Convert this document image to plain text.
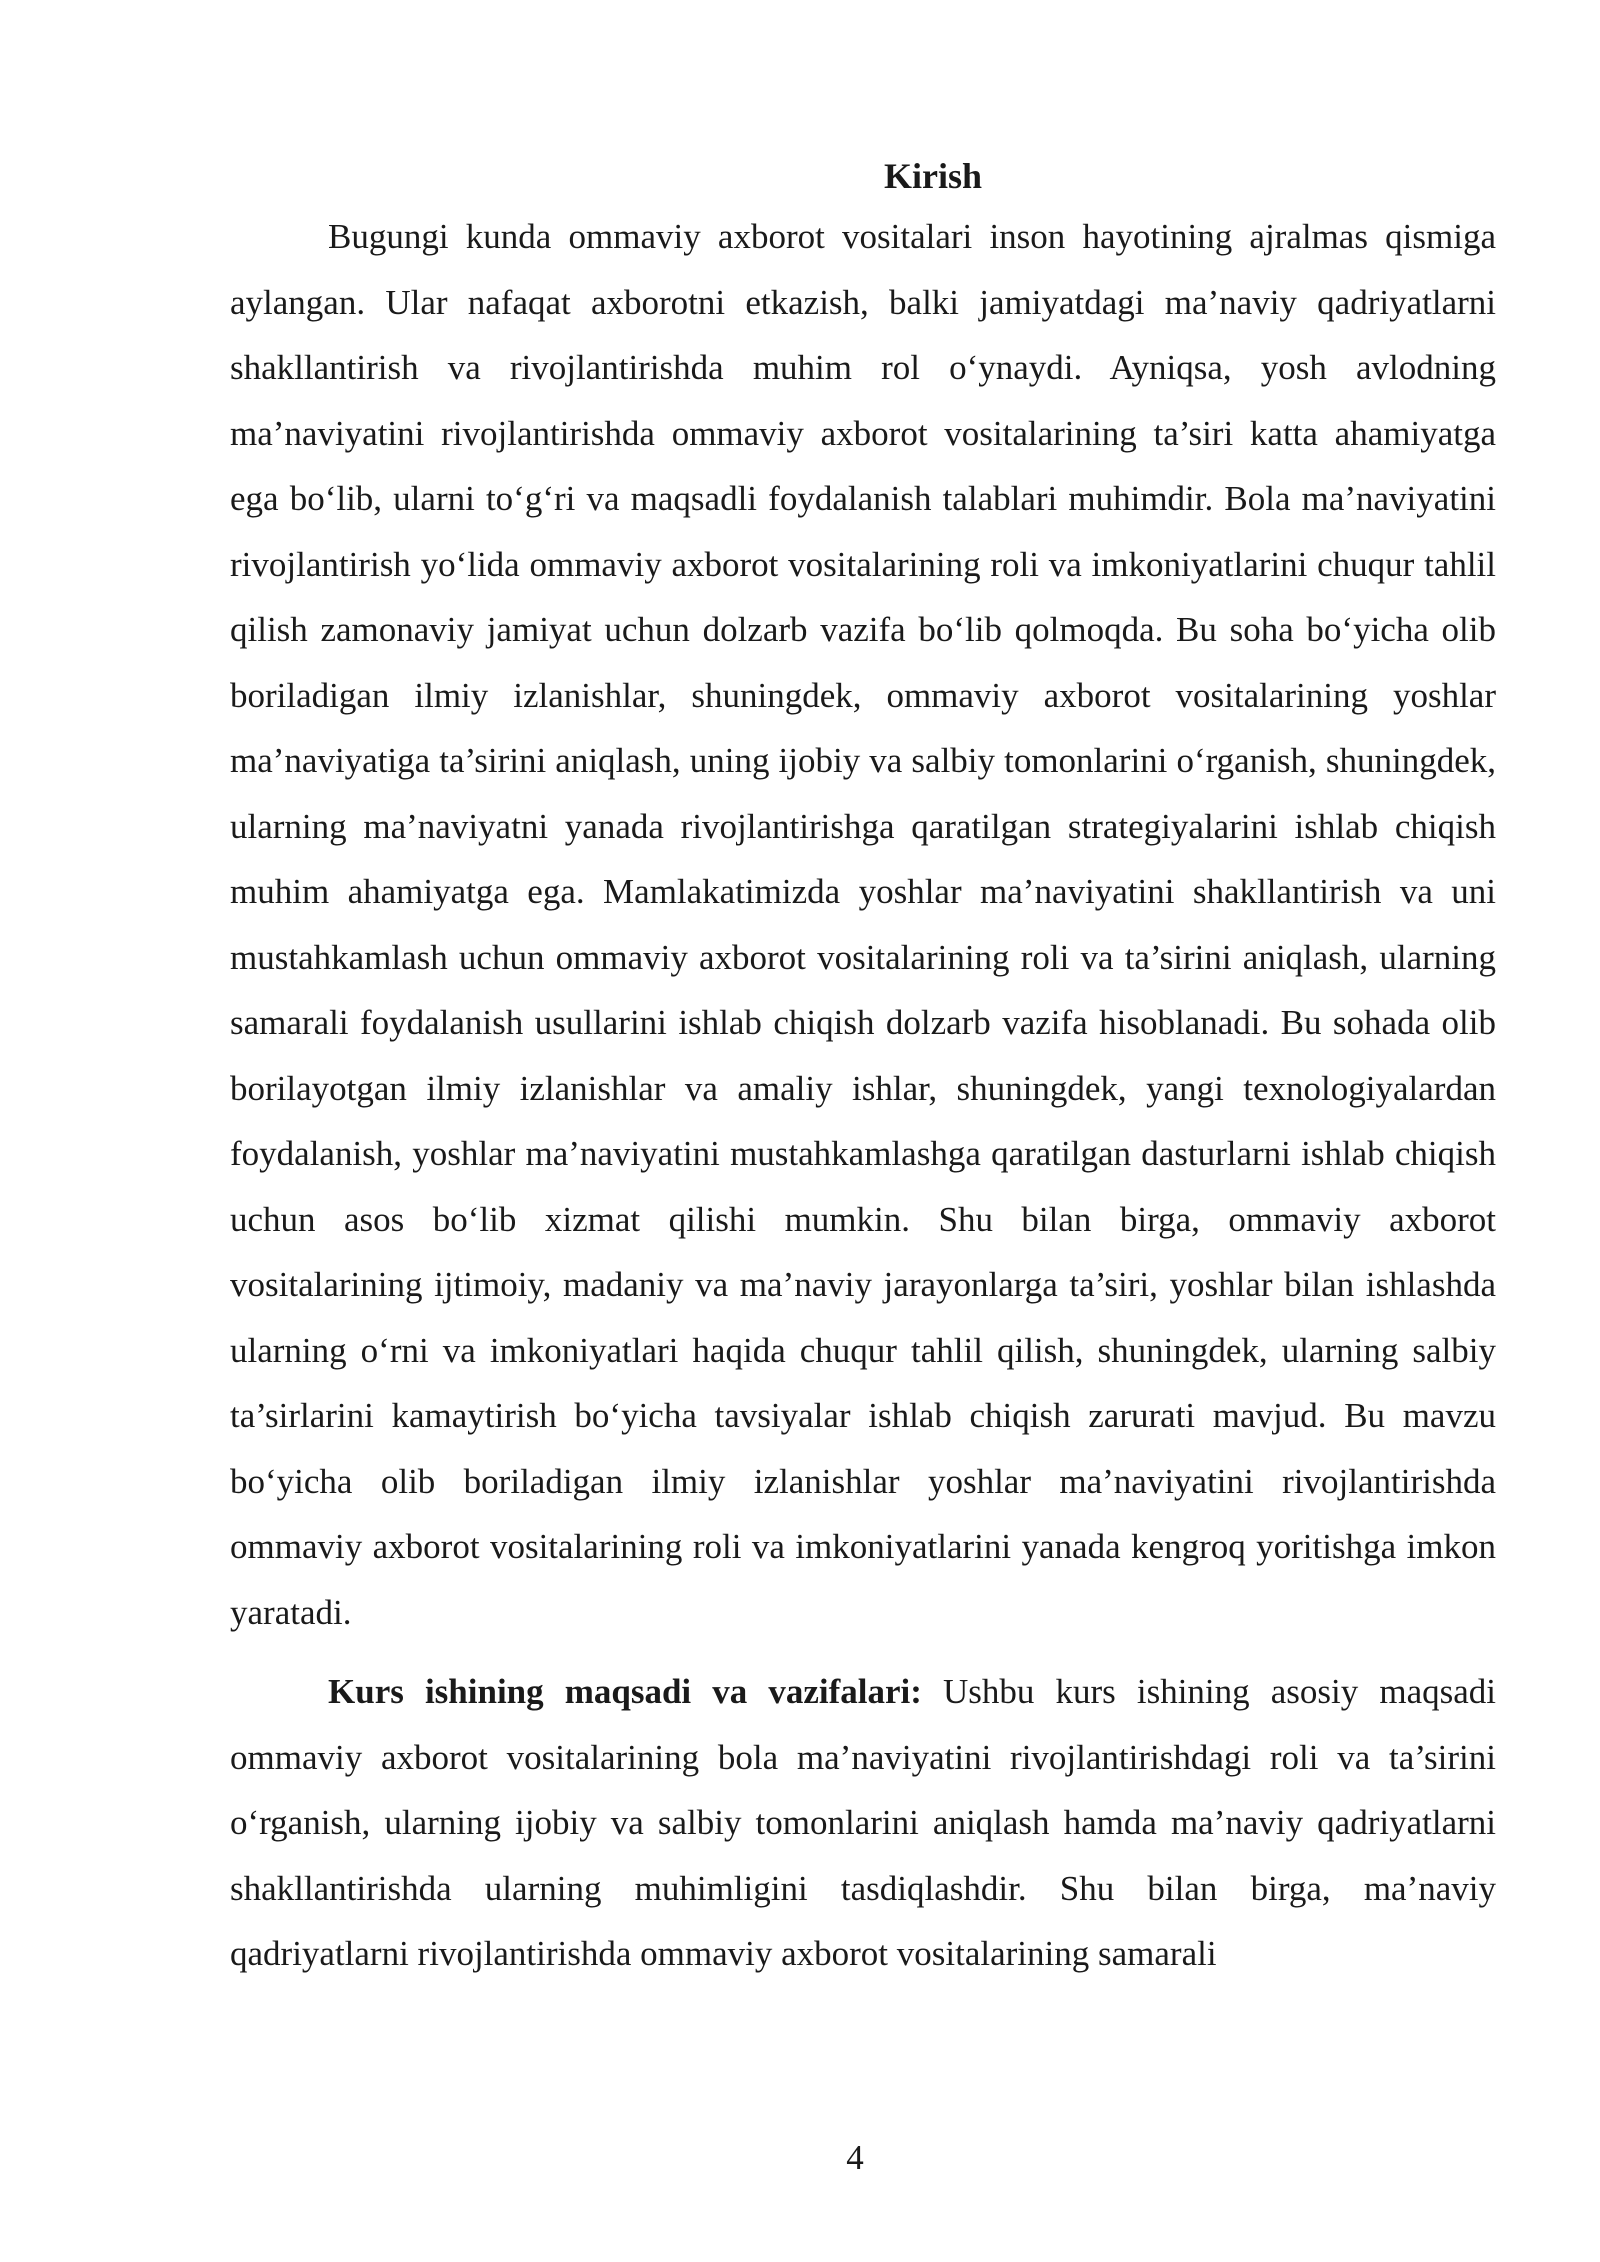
Kirish

Bugungi kunda ommaviy axborot vositalari inson hayotining ajralmas qismiga aylangan. Ular nafaqat axborotni etkazish, balki jamiyatdagi ma’naviy qadriyatlarni shakllantirish va rivojlantirishda muhim rol o‘ynaydi. Ayniqsa, yosh avlodning ma’naviyatini rivojlantirishda ommaviy axborot vositalarining ta’siri katta ahamiyatga ega bo‘lib, ularni to‘g‘ri va maqsadli foydalanish talablari muhimdir. Bola ma’naviyatini rivojlantirish yo‘lida ommaviy axborot vositalarining roli va imkoniyatlarini chuqur tahlil qilish zamonaviy jamiyat uchun dolzarb vazifa bo‘lib qolmoqda. Bu soha bo‘yicha olib boriladigan ilmiy izlanishlar, shuningdek, ommaviy axborot vositalarining yoshlar ma’naviyatiga ta’sirini aniqlash, uning ijobiy va salbiy tomonlarini o‘rganish, shuningdek, ularning ma’naviyatni yanada rivojlantirishga qaratilgan strategiyalarini ishlab chiqish muhim ahamiyatga ega. Mamlakatimizda yoshlar ma’naviyatini shakllantirish va uni mustahkamlash uchun ommaviy axborot vositalarining roli va ta’sirini aniqlash, ularning samarali foydalanish usullarini ishlab chiqish dolzarb vazifa hisoblanadi. Bu sohada olib borilayotgan ilmiy izlanishlar va amaliy ishlar, shuningdek, yangi texnologiyalardan foydalanish, yoshlar ma’naviyatini mustahkamlashga qaratilgan dasturlarni ishlab chiqish uchun asos bo‘lib xizmat qilishi mumkin. Shu bilan birga, ommaviy axborot vositalarining ijtimoiy, madaniy va ma’naviy jarayonlarga ta’siri, yoshlar bilan ishlashda ularning o‘rni va imkoniyatlari haqida chuqur tahlil qilish, shuningdek, ularning salbiy ta’sirlarini kamaytirish bo‘yicha tavsiyalar ishlab chiqish zarurati mavjud. Bu mavzu bo‘yicha olib boriladigan ilmiy izlanishlar yoshlar ma’naviyatini rivojlantirishda ommaviy axborot vositalarining roli va imkoniyatlarini yanada kengroq yoritishga imkon yaratadi.

Kurs ishining maqsadi va vazifalari: Ushbu kurs ishining asosiy maqsadi ommaviy axborot vositalarining bola ma’naviyatini rivojlantirishdagi roli va ta’sirini o‘rganish, ularning ijobiy va salbiy tomonlarini aniqlash hamda ma’naviy qadriyatlarni shakllantirishda ularning muhimligini tasdiqlashdir. Shu bilan birga, ma’naviy qadriyatlarni rivojlantirishda ommaviy axborot vositalarining samarali

4
